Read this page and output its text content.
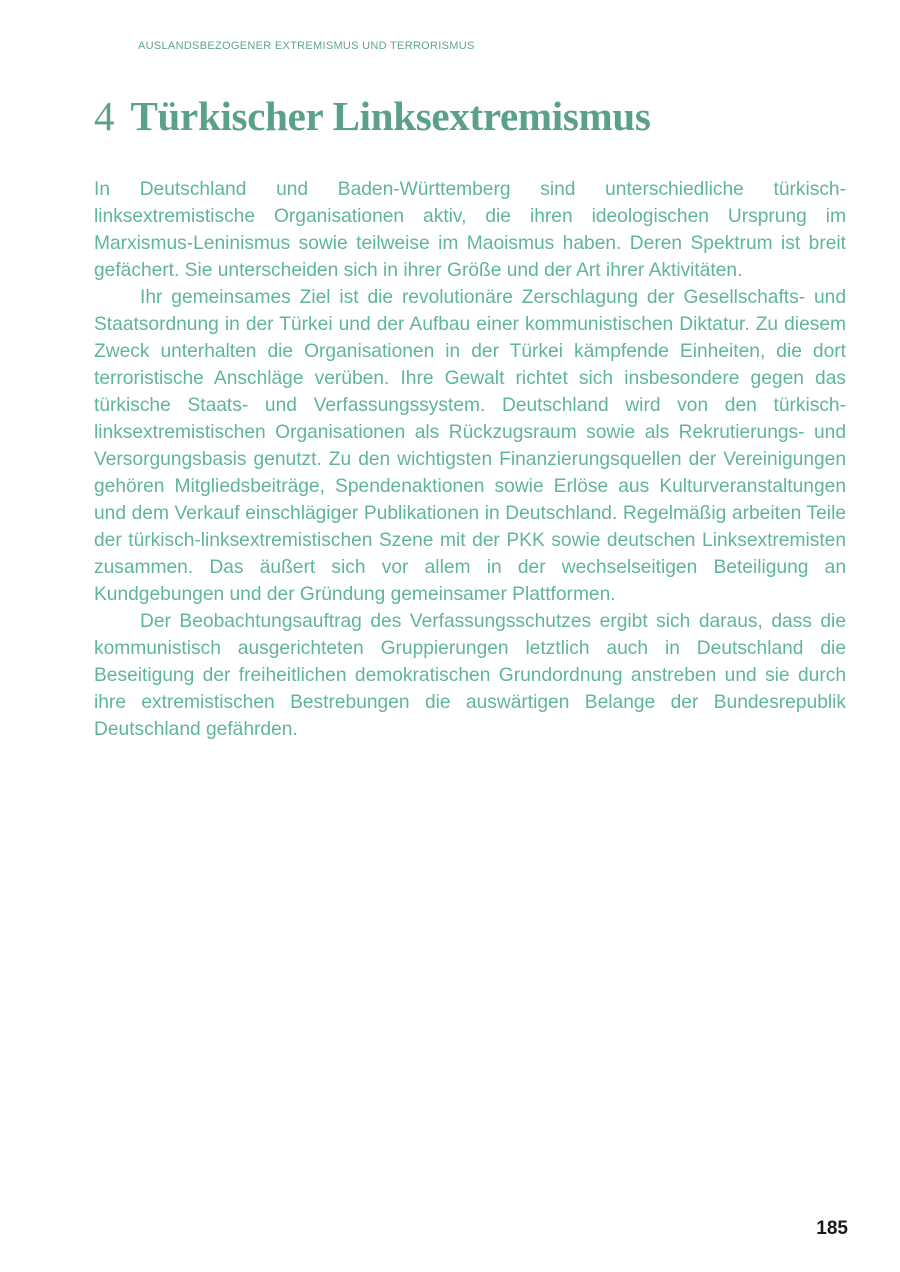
AUSLANDSBEZOGENER EXTREMISMUS UND TERRORISMUS
4 Türkischer Linksextremismus

In Deutschland und Baden-Württemberg sind unterschiedliche türkisch-linksextremistische Organisationen aktiv, die ihren ideologischen Ursprung im Marxismus-Leninismus sowie teilweise im Maoismus haben. Deren Spektrum ist breit gefächert. Sie unterscheiden sich in ihrer Größe und der Art ihrer Aktivitäten.

Ihr gemeinsames Ziel ist die revolutionäre Zerschlagung der Gesellschafts- und Staatsordnung in der Türkei und der Aufbau einer kommunistischen Diktatur. Zu diesem Zweck unterhalten die Organisationen in der Türkei kämpfende Einheiten, die dort terroristische Anschläge verüben. Ihre Gewalt richtet sich insbesondere gegen das türkische Staats- und Verfassungssystem. Deutschland wird von den türkisch-linksextremistischen Organisationen als Rückzugsraum sowie als Rekrutierungs- und Versorgungsbasis genutzt. Zu den wichtigsten Finanzierungsquellen der Vereinigungen gehören Mitgliedsbeiträge, Spendenaktionen sowie Erlöse aus Kulturveranstaltungen und dem Verkauf einschlägiger Publikationen in Deutschland. Regelmäßig arbeiten Teile der türkisch-linksextremistischen Szene mit der PKK sowie deutschen Linksextremisten zusammen. Das äußert sich vor allem in der wechselseitigen Beteiligung an Kundgebungen und der Gründung gemeinsamer Plattformen.

Der Beobachtungsauftrag des Verfassungsschutzes ergibt sich daraus, dass die kommunistisch ausgerichteten Gruppierungen letztlich auch in Deutschland die Beseitigung der freiheitlichen demokratischen Grundordnung anstreben und sie durch ihre extremistischen Bestrebungen die auswärtigen Belange der Bundesrepublik Deutschland gefährden.

185
